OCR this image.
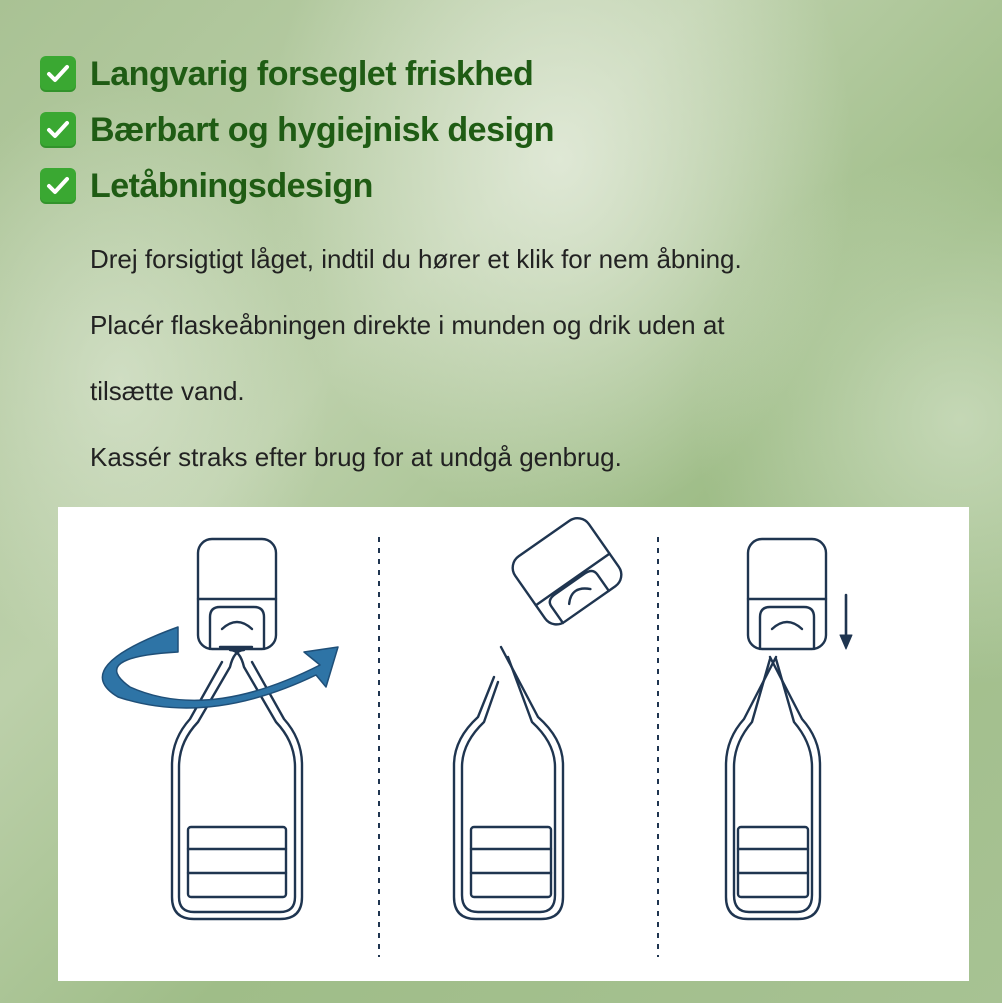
Langvarig forseglet friskhed
Bærbart og hygiejnisk design
Letåbningsdesign
Drej forsigtigt låget, indtil du hører et klik for nem åbning.
Placér flaskeåbningen direkte i munden og drik uden at
tilsætte vand.
Kassér straks efter brug for at undgå genbrug.
